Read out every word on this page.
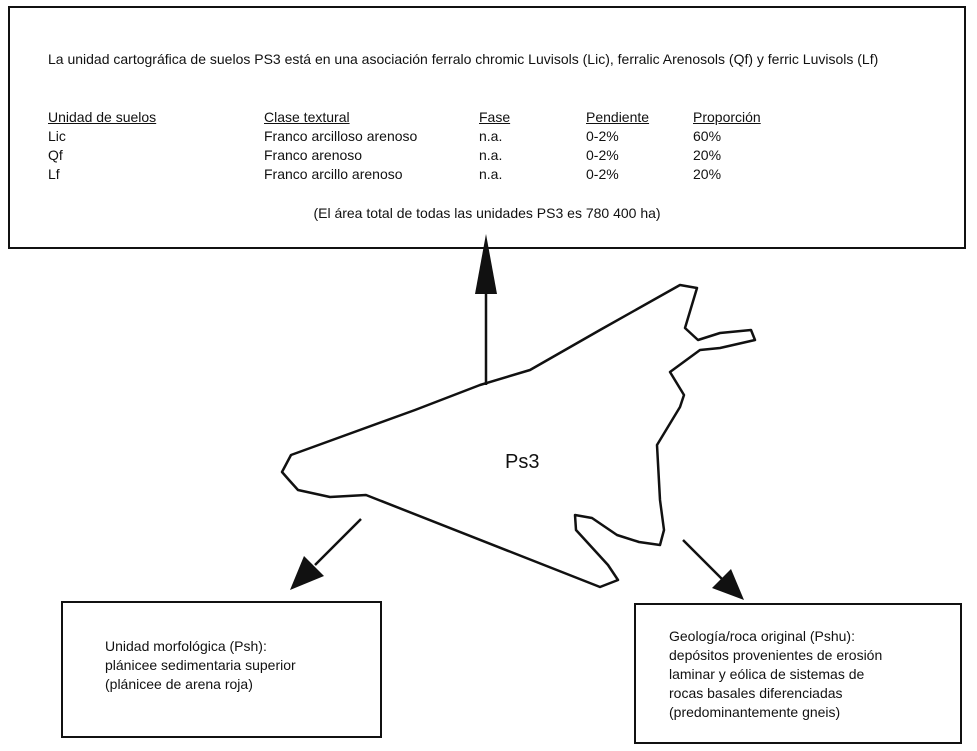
La unidad cartográfica de suelos PS3 está en una asociación ferralo chromic Luvisols (Lic), ferralic Arenosols (Qf) y ferric Luvisols (Lf)
Unidad de suelos	Clase textural	Fase	Pendiente	Proporción
Lic	Franco arcilloso arenoso	n.a.	0-2%	60%
Qf	Franco arenoso	n.a.	0-2%	20%
Lf	Franco arcillo arenoso	n.a.	0-2%	20%
(El área total de todas las unidades PS3 es 780 400 ha)
Ps3
Unidad morfológica (Psh):
plánicee sedimentaria superior
(plánicee de arena roja)
Geología/roca original (Pshu):
depósitos provenientes de erosión
laminar y eólica de sistemas de
rocas basales diferenciadas
(predominantemente gneis)
